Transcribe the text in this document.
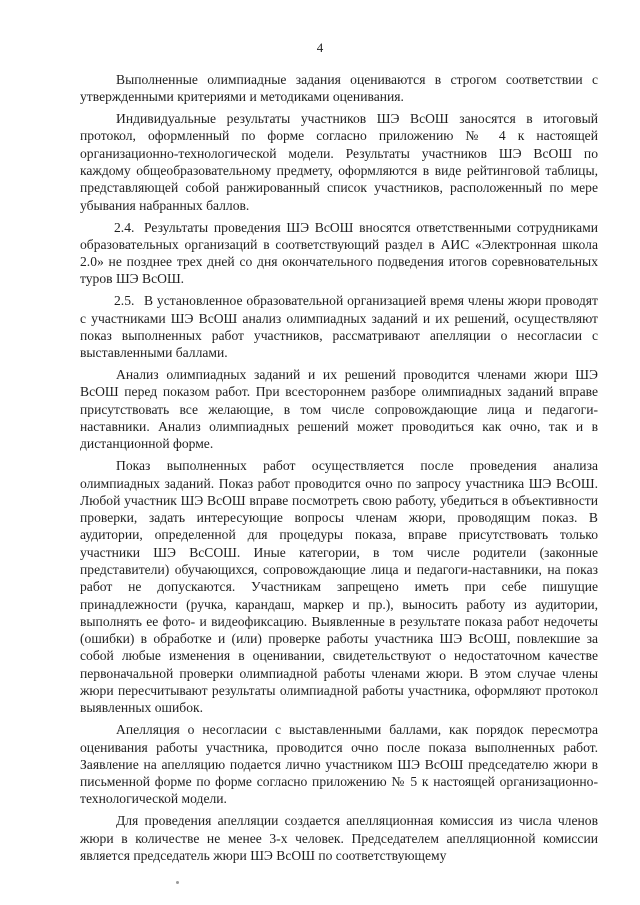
4

Выполненные олимпиадные задания оцениваются в строгом соответствии с утвержденными критериями и методиками оценивания.

Индивидуальные результаты участников ШЭ ВсОШ заносятся в итоговый протокол, оформленный по форме согласно приложению № 4 к настоящей организационно-технологической модели. Результаты участников ШЭ ВсОШ по каждому общеобразовательному предмету, оформляются в виде рейтинговой таблицы, представляющей собой ранжированный список участников, расположенный по мере убывания набранных баллов.

2.4. Результаты проведения ШЭ ВсОШ вносятся ответственными сотрудниками образовательных организаций в соответствующий раздел в АИС «Электронная школа 2.0» не позднее трех дней со дня окончательного подведения итогов соревновательных туров ШЭ ВсОШ.

2.5. В установленное образовательной организацией время члены жюри проводят с участниками ШЭ ВсОШ анализ олимпиадных заданий и их решений, осуществляют показ выполненных работ участников, рассматривают апелляции о несогласии с выставленными баллами.

Анализ олимпиадных заданий и их решений проводится членами жюри ШЭ ВсОШ перед показом работ. При всестороннем разборе олимпиадных заданий вправе присутствовать все желающие, в том числе сопровождающие лица и педагоги-наставники. Анализ олимпиадных решений может проводиться как очно, так и в дистанционной форме.

Показ выполненных работ осуществляется после проведения анализа олимпиадных заданий. Показ работ проводится очно по запросу участника ШЭ ВсОШ. Любой участник ШЭ ВсОШ вправе посмотреть свою работу, убедиться в объективности проверки, задать интересующие вопросы членам жюри, проводящим показ. В аудитории, определенной для процедуры показа, вправе присутствовать только участники ШЭ ВсСОШ. Иные категории, в том числе родители (законные представители) обучающихся, сопровождающие лица и педагоги-наставники, на показ работ не допускаются. Участникам запрещено иметь при себе пишущие принадлежности (ручка, карандаш, маркер и пр.), выносить работу из аудитории, выполнять ее фото- и видеофиксацию. Выявленные в результате показа работ недочеты (ошибки) в обработке и (или) проверке работы участника ШЭ ВсОШ, повлекшие за собой любые изменения в оценивании, свидетельствуют о недостаточном качестве первоначальной проверки олимпиадной работы членами жюри. В этом случае члены жюри пересчитывают результаты олимпиадной работы участника, оформляют протокол выявленных ошибок.

Апелляция о несогласии с выставленными баллами, как порядок пересмотра оценивания работы участника, проводится очно после показа выполненных работ. Заявление на апелляцию подается лично участником ШЭ ВсОШ председателю жюри в письменной форме по форме согласно приложению № 5 к настоящей организационно-технологической модели.

Для проведения апелляции создается апелляционная комиссия из числа членов жюри в количестве не менее 3-х человек. Председателем апелляционной комиссии является председатель жюри ШЭ ВсОШ по соответствующему
